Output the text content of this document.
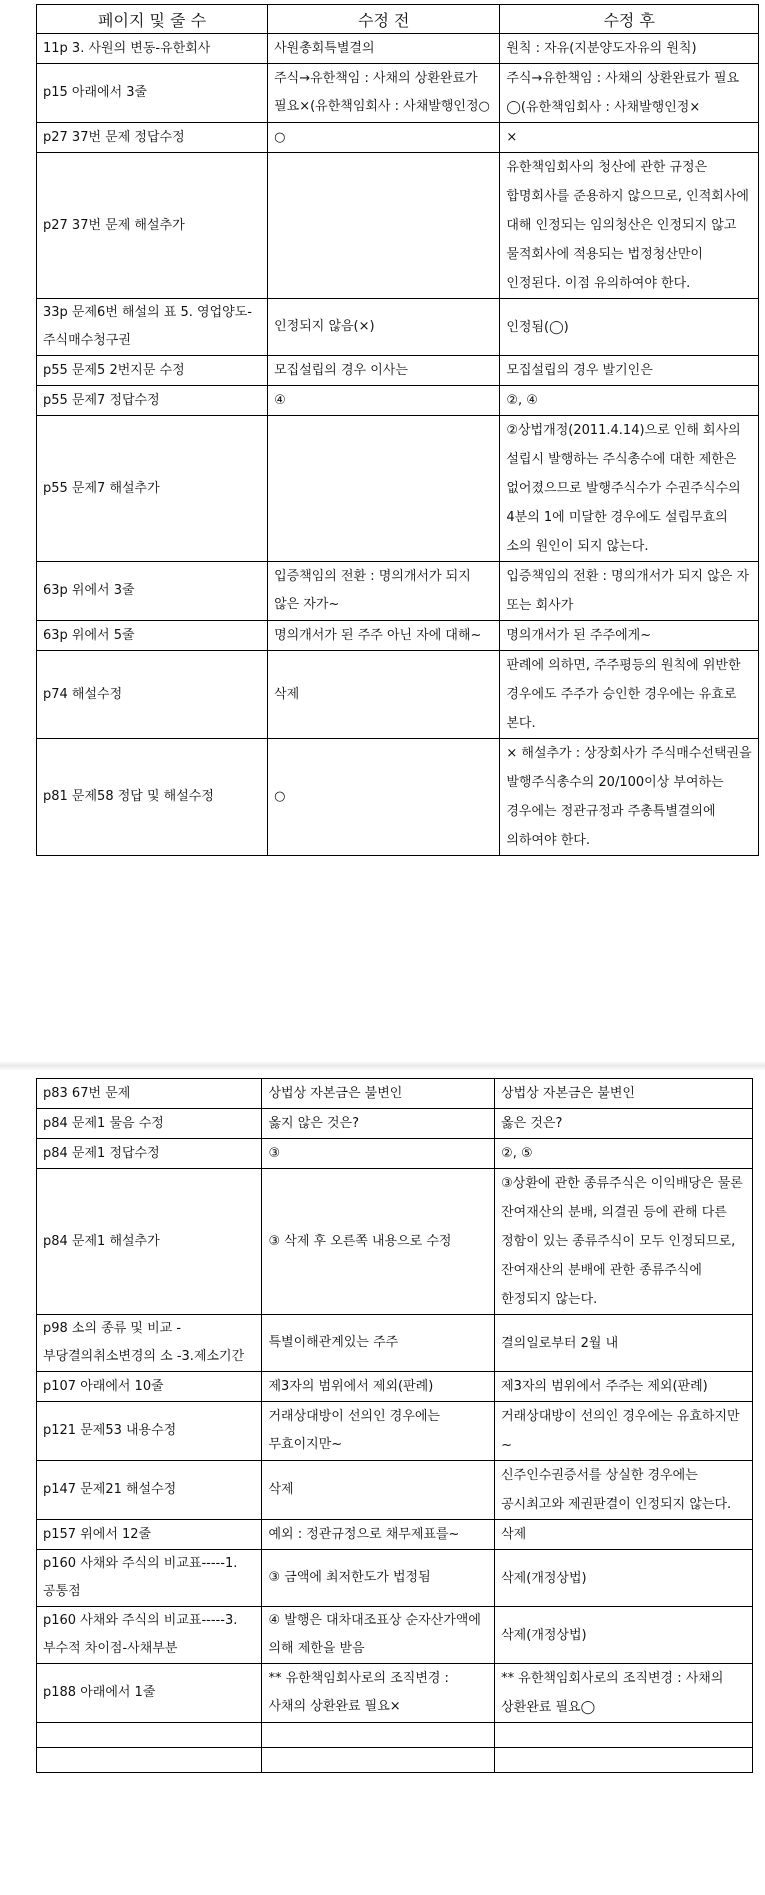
페이지 및 줄 수	수정 전	수정 후
11p 3. 사원의 변동-유한회사	사원총회특별결의	원칙 : 자유(지분양도자유의 원칙)
p15 아래에서 3줄	주식→유한책임 : 사채의 상환완료가 필요×(유한책임회사 : 사채발행인정○	주식→유한책임 : 사채의 상환완료가 필요◯(유한책임회사 : 사채발행인정×
p27 37번 문제 정답수정	○	×
p27 37번 문제 해설추가		유한책임회사의 청산에 관한 규정은 합명회사를 준용하지 않으므로, 인적회사에 대해 인정되는 임의청산은 인정되지 않고 물적회사에 적용되는 법정청산만이 인정된다. 이점 유의하여야 한다.
33p 문제6번 해설의 표 5. 영업양도-주식매수청구권	인정되지 않음(×)	인정됨(◯)
p55 문제5 2번지문 수정	모집설립의 경우 이사는	모집설립의 경우 발기인은
p55 문제7 정답수정	④	②, ④
p55 문제7 해설추가		②상법개정(2011.4.14)으로 인해 회사의 설립시 발행하는 주식총수에 대한 제한은 없어졌으므로 발행주식수가 수권주식수의 4분의 1에 미달한 경우에도 설립무효의 소의 원인이 되지 않는다.
63p 위에서 3줄	입증책임의 전환 : 명의개서가 되지 않은 자가~	입증책임의 전환 : 명의개서가 되지 않은 자 또는 회사가
63p 위에서 5줄	명의개서가 된 주주 아닌 자에 대해~	명의개서가 된 주주에게~
p74 해설수정	삭제	판례에 의하면, 주주평등의 원칙에 위반한 경우에도 주주가 승인한 경우에는 유효로 본다.
p81 문제58 정답 및 해설수정	○	× 해설추가 : 상장회사가 주식매수선택권을 발행주식총수의 20/100이상 부여하는 경우에는 정관규정과 주총특별결의에 의하여야 한다.
p83 67번 문제	상법상 자본금은 불변인	상법상 자본금은 불변인
p84 문제1 물음 수정	옳지 않은 것은?	옳은 것은?
p84 문제1 정답수정	③	②, ⑤
p84 문제1 해설추가	③ 삭제 후 오른쪽 내용으로 수정	③상환에 관한 종류주식은 이익배당은 물론 잔여재산의 분배, 의결권 등에 관해 다른 정함이 있는 종류주식이 모두 인정되므로, 잔여재산의 분배에 관한 종류주식에 한정되지 않는다.
p98 소의 종류 및 비교 -부당결의취소변경의 소 -3.제소기간	특별이해관계있는 주주	결의일로부터 2월 내
p107 아래에서 10줄	제3자의 범위에서 제외(판례)	제3자의 범위에서 주주는 제외(판례)
p121 문제53 내용수정	거래상대방이 선의인 경우에는 무효이지만~	거래상대방이 선의인 경우에는 유효하지만~
p147 문제21 해설수정	삭제	신주인수권증서를 상실한 경우에는 공시최고와 제권판결이 인정되지 않는다.
p157 위에서 12줄	예외 : 정관규정으로 채무제표를~	삭제
p160 사채와 주식의 비교표-----1. 공통점	③ 금액에 최저한도가 법정됨	삭제(개정상법)
p160 사채와 주식의 비교표-----3. 부수적 차이점-사채부분	④ 발행은 대차대조표상 순자산가액에 의해 제한을 받음	삭제(개정상법)
p188 아래에서 1줄	** 유한책임회사로의 조직변경 : 사채의 상환완료 필요×	** 유한책임회사로의 조직변경 : 사채의 상환완료 필요◯
